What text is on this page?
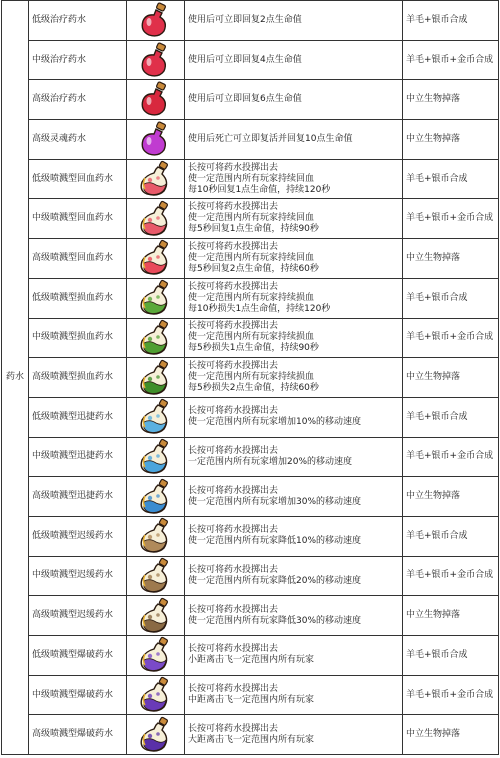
药水	低级治疗药水		使用后可立即回复2点生命值	羊毛+银币合成
	中级治疗药水		使用后可立即回复4点生命值	羊毛+银币+金币合成
	高级治疗药水		使用后可立即回复6点生命值	中立生物掉落
	高级灵魂药水		使用后死亡可立即复活并回复10点生命值	中立生物掉落
	低级喷溅型回血药水		长按可将药水投掷出去
使一定范围内所有玩家持续回血
每10秒回复1点生命值，持续120秒	羊毛+银币合成
	中级喷溅型回血药水		长按可将药水投掷出去
使一定范围内所有玩家持续回血
每5秒回复1点生命值，持续90秒	羊毛+银币+金币合成
	高级喷溅型回血药水		长按可将药水投掷出去
使一定范围内所有玩家持续回血
每5秒回复2点生命值，持续60秒	中立生物掉落
	低级喷溅型损血药水		长按可将药水投掷出去
使一定范围内所有玩家持续损血
每10秒损失1点生命值，持续120秒	羊毛+银币合成
	中级喷溅型损血药水		长按可将药水投掷出去
使一定范围内所有玩家持续损血
每5秒损失1点生命值，持续90秒	羊毛+银币+金币合成
	高级喷溅型损血药水		长按可将药水投掷出去
使一定范围内所有玩家持续损血
每5秒损失2点生命值，持续60秒	中立生物掉落
	低级喷溅型迅捷药水		长按可将药水投掷出去
使一定范围内所有玩家增加10%的移动速度	羊毛+银币合成
	中级喷溅型迅捷药水		长按可将药水投掷出去
一定范围内所有玩家增加20%的移动速度	羊毛+银币+金币合成
	高级喷溅型迅捷药水		长按可将药水投掷出去
使一定范围内所有玩家增加30%的移动速度	中立生物掉落
	低级喷溅型迟缓药水		长按可将药水投掷出去
使一定范围内所有玩家降低10%的移动速度	羊毛+银币合成
	中级喷溅型迟缓药水		长按可将药水投掷出去
使一定范围内所有玩家降低20%的移动速度	羊毛+银币+金币合成
	高级喷溅型迟缓药水		长按可将药水投掷出去
使一定范围内所有玩家降低30%的移动速度	中立生物掉落
	低级喷溅型爆破药水		长按可将药水投掷出去
小距离击飞一定范围内所有玩家	羊毛+银币合成
	中级喷溅型爆破药水		长按可将药水投掷出去
中距离击飞一定范围内所有玩家	羊毛+银币+金币合成
	高级喷溅型爆破药水		长按可将药水投掷出去
大距离击飞一定范围内所有玩家	中立生物掉落
